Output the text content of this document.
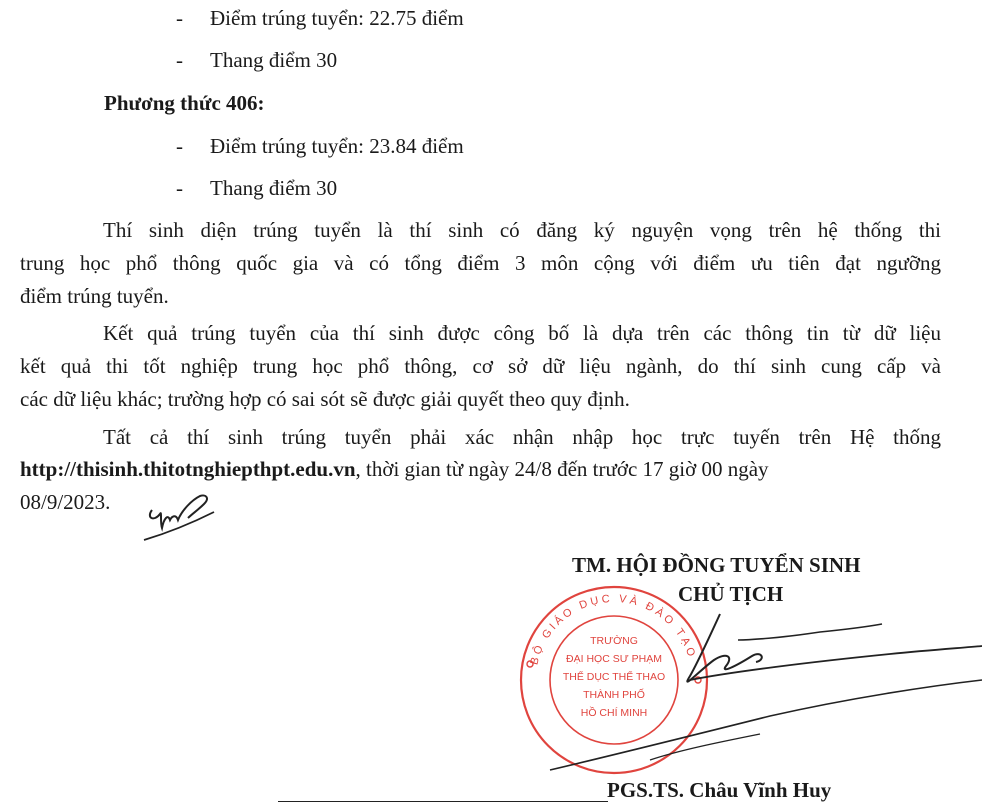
- Điểm trúng tuyển: 22.75 điểm
- Thang điểm 30
Phương thức 406:
- Điểm trúng tuyển: 23.84 điểm
- Thang điểm 30
Thí sinh diện trúng tuyển là thí sinh có đăng ký nguyện vọng trên hệ thống thi
trung học phổ thông quốc gia và có tổng điểm 3 môn cộng với điểm ưu tiên đạt ngưỡng
điểm trúng tuyển.
Kết quả trúng tuyển của thí sinh được công bố là dựa trên các thông tin từ dữ liệu
kết quả thi tốt nghiệp trung học phổ thông, cơ sở dữ liệu ngành, do thí sinh cung cấp và
các dữ liệu khác; trường hợp có sai sót sẽ được giải quyết theo quy định.
Tất cả thí sinh trúng tuyển phải xác nhận nhập học trực tuyến trên Hệ thống
http://thisinh.thitotnghiepthpt.edu.vn, thời gian từ ngày 24/8 đến trước 17 giờ 00 ngày
08/9/2023.
TM. HỘI ĐỒNG TUYỂN SINH
CHỦ TỊCH
BỘ GIÁO DỤC VÀ ĐÀO TẠO
TRƯỜNG
ĐẠI HỌC SƯ PHẠM
THỂ DỤC THỂ THAO
THÀNH PHỐ
HỒ CHÍ MINH
PGS.TS. Châu Vĩnh Huy
